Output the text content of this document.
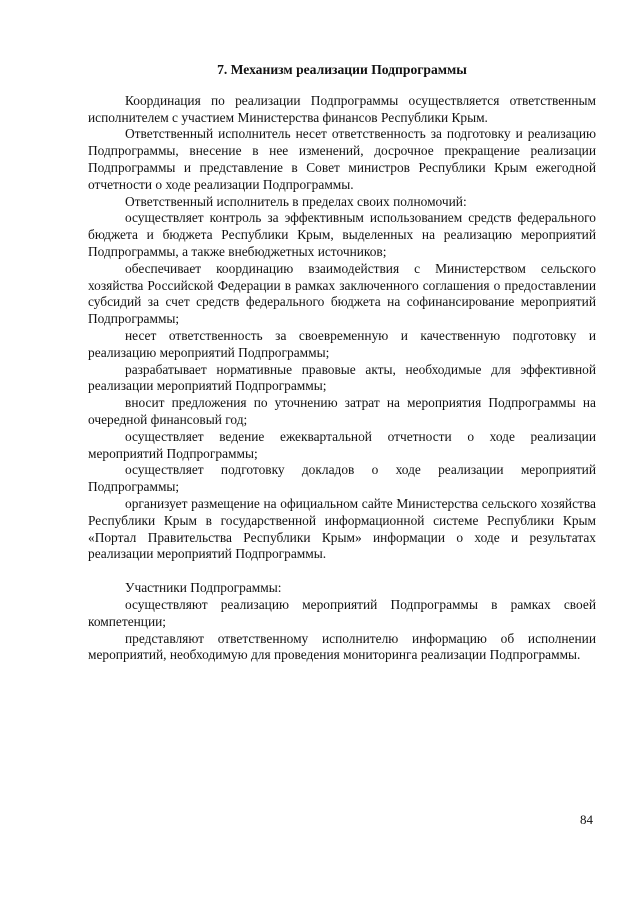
7. Механизм реализации Подпрограммы

Координация по реализации Подпрограммы осуществляется ответственным исполнителем с участием Министерства финансов Республики Крым.

Ответственный исполнитель несет ответственность за подготовку и реализацию Подпрограммы, внесение в нее изменений, досрочное прекращение реализации Подпрограммы и представление в Совет министров Республики Крым ежегодной отчетности о ходе реализации Подпрограммы.

Ответственный исполнитель в пределах своих полномочий:

осуществляет контроль за эффективным использованием средств федерального бюджета и бюджета Республики Крым, выделенных на реализацию мероприятий Подпрограммы, а также внебюджетных источников;

обеспечивает координацию взаимодействия с Министерством сельского хозяйства Российской Федерации в рамках заключенного соглашения о предоставлении субсидий за счет средств федерального бюджета на софинансирование мероприятий Подпрограммы;

несет ответственность за своевременную и качественную подготовку и реализацию мероприятий Подпрограммы;

разрабатывает нормативные правовые акты, необходимые для эффективной реализации мероприятий Подпрограммы;

вносит предложения по уточнению затрат на мероприятия Подпрограммы на очередной финансовый год;

осуществляет ведение ежеквартальной отчетности о ходе реализации мероприятий Подпрограммы;

осуществляет подготовку докладов о ходе реализации мероприятий Подпрограммы;

организует размещение на официальном сайте Министерства сельского хозяйства Республики Крым в государственной информационной системе Республики Крым «Портал Правительства Республики Крым» информации о ходе и результатах реализации мероприятий Подпрограммы.

Участники Подпрограммы:

осуществляют реализацию мероприятий Подпрограммы в рамках своей компетенции;

представляют ответственному исполнителю информацию об исполнении мероприятий, необходимую для проведения мониторинга реализации Подпрограммы.

84
